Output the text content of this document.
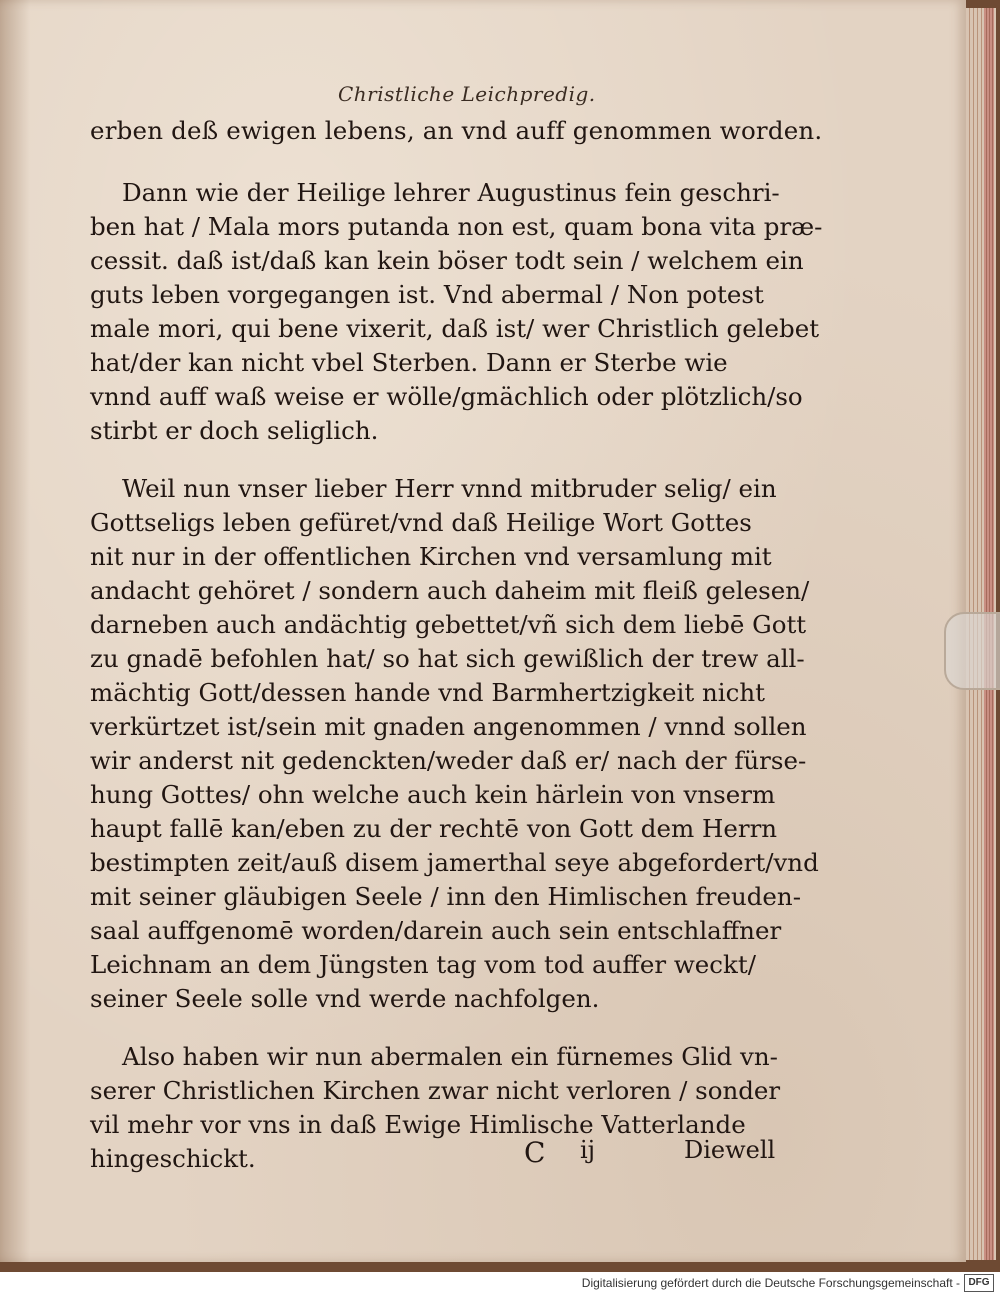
Christliche Leichpredig.
erben deß ewigen lebens, an vnd auff genommen worden.
Dann wie der Heilige lehrer Augustinus fein geschri-
ben hat / Mala mors putanda non est, quam bona vita præ-
cessit. daß ist/daß kan kein böser todt sein / welchem ein
guts leben vorgegangen ist. Vnd abermal / Non potest
male mori, qui bene vixerit, daß ist/ wer Christlich gelebet
hat/der kan nicht vbel Sterben. Dann er Sterbe wie
vnnd auff waß weise er wölle/gmächlich oder plötzlich/so
stirbt er doch seliglich.
Weil nun vnser lieber Herr vnnd mitbruder selig/ ein
Gottseligs leben gefüret/vnd daß Heilige Wort Gottes
nit nur in der offentlichen Kirchen vnd versamlung mit
andacht gehöret / sondern auch daheim mit fleiß gelesen/
darneben auch andächtig gebettet/vñ sich dem liebē Gott
zu gnadē befohlen hat/ so hat sich gewißlich der trew all-
mächtig Gott/dessen hande vnd Barmhertzigkeit nicht
verkürtzet ist/sein mit gnaden angenommen / vnnd sollen
wir anderst nit gedenckten/weder daß er/ nach der fürse-
hung Gottes/ ohn welche auch kein härlein von vnserm
haupt fallē kan/eben zu der rechtē von Gott dem Herrn
bestimpten zeit/auß disem jamerthal seye abgefordert/vnd
mit seiner gläubigen Seele / inn den Himlischen freuden-
saal auffgenomē worden/darein auch sein entschlaffner
Leichnam an dem Jüngsten tag vom tod auffer weckt/
seiner Seele solle vnd werde nachfolgen.
Also haben wir nun abermalen ein fürnemes Glid vn-
serer Christlichen Kirchen zwar nicht verloren / sonder
vil mehr vor vns in daß Ewige Himlische Vatterlande
hingeschickt.	C ij	Diewell
Digitalisierung gefördert durch die Deutsche Forschungsgemeinschaft - DFG
